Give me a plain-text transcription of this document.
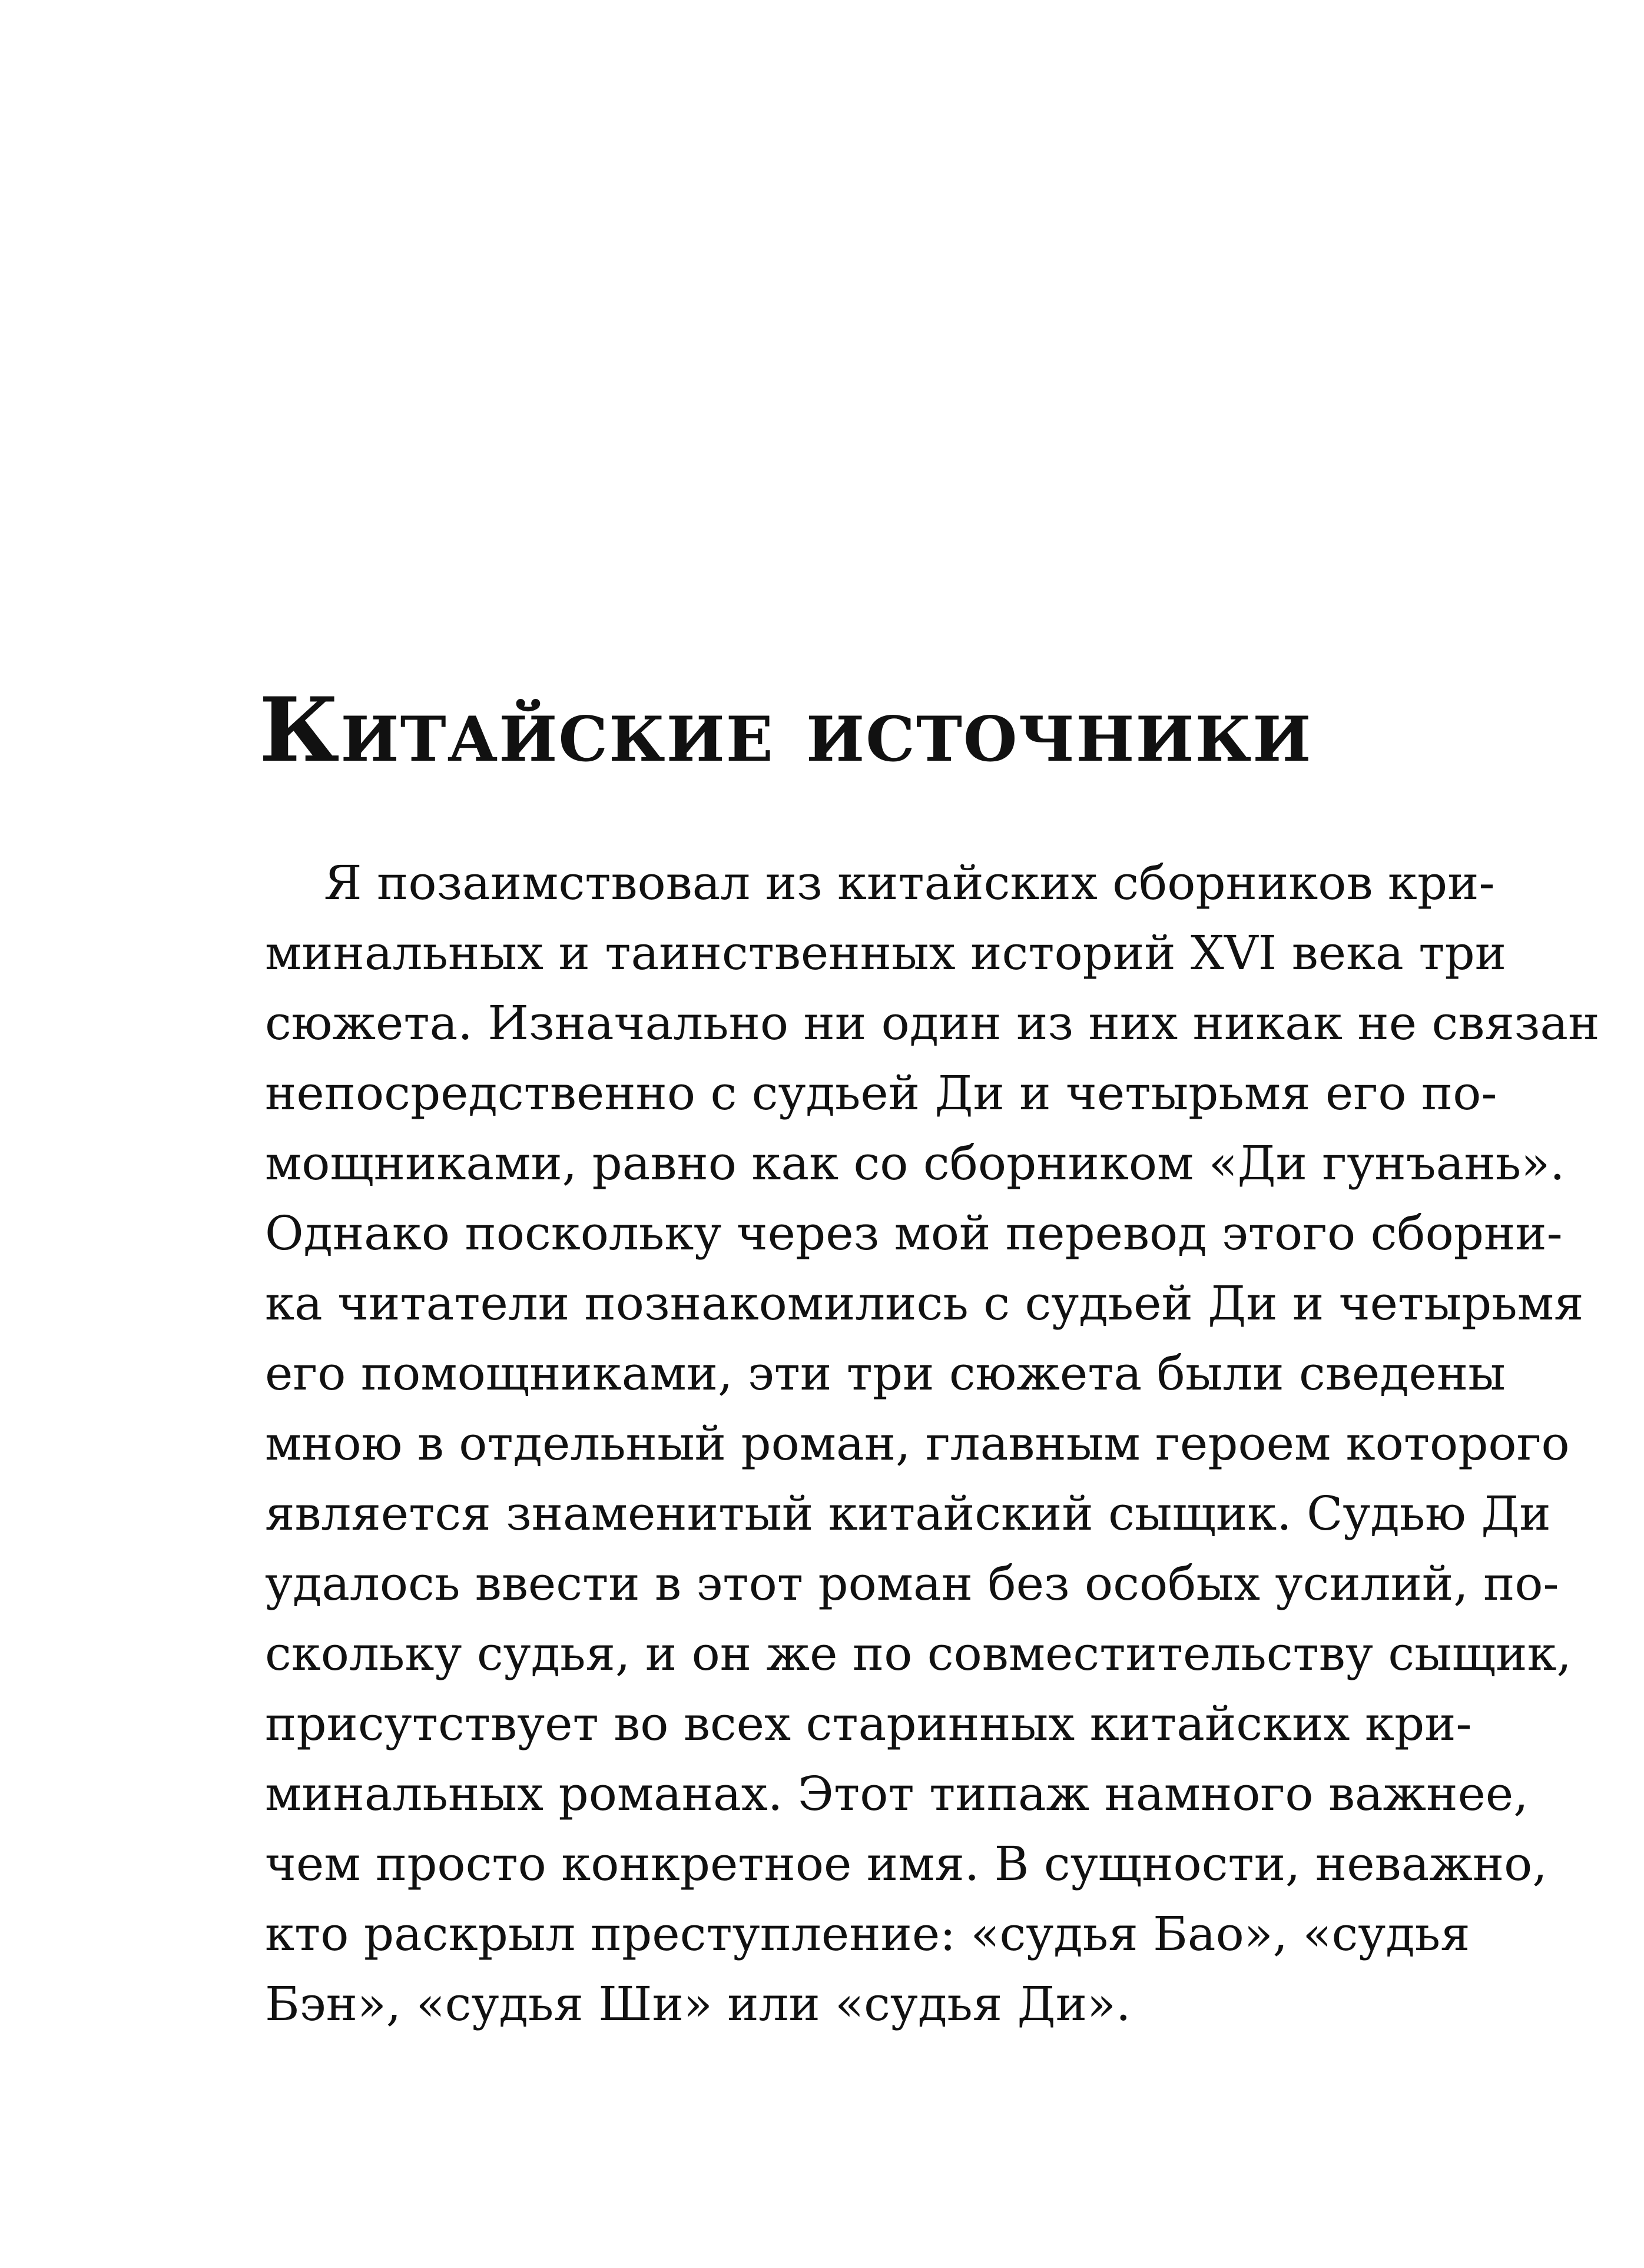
Китайские источники
Я позаимствовал из китайских сборников кри-
минальных и таинственных историй XVI века три
сюжета. Изначально ни один из них никак не связан
непосредственно с судьей Ди и четырьмя его по-
мощниками, равно как со сборником «Ди гунъань».
Однако поскольку через мой перевод этого сборни-
ка читатели познакомились с судьей Ди и четырьмя
его помощниками, эти три сюжета были сведены
мною в отдельный роман, главным героем которого
является знаменитый китайский сыщик. Судью Ди
удалось ввести в этот роман без особых усилий, по-
скольку судья, и он же по совместительству сыщик,
присутствует во всех старинных китайских кри-
минальных романах. Этот типаж намного важнее,
чем просто конкретное имя. В сущности, неважно,
кто раскрыл преступление: «судья Бао», «судья
Бэн», «судья Ши» или «судья Ди».
